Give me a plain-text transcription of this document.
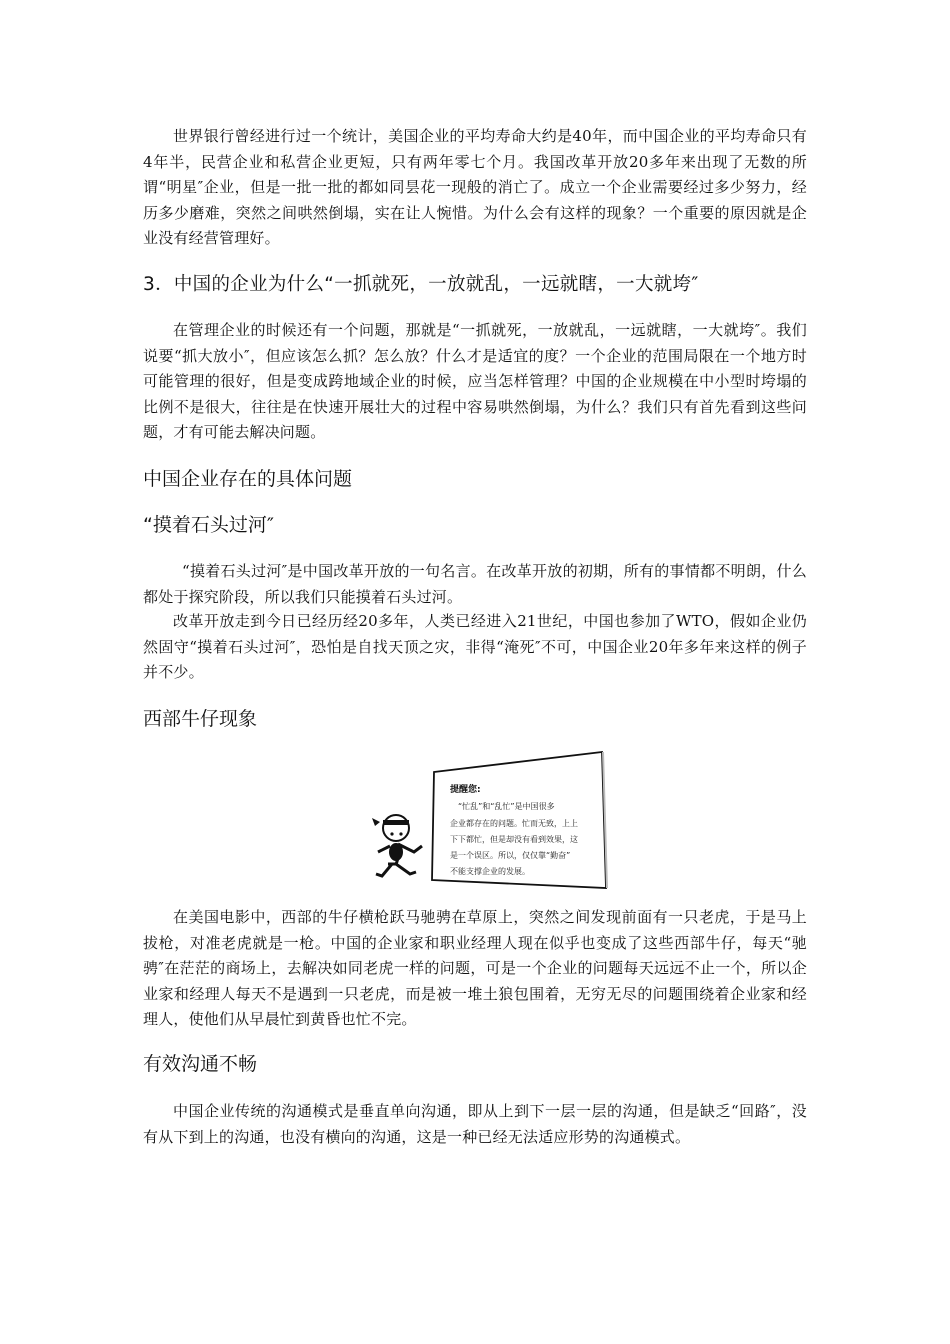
世界银行曾经进行过一个统计，美国企业的平均寿命大约是40年，而中国企业的平均寿命只有4年半，民营企业和私营企业更短，只有两年零七个月。我国改革开放20多年来出现了无数的所谓“明星″企业，但是一批一批的都如同昙花一现般的消亡了。成立一个企业需要经过多少努力，经历多少磨难，突然之间哄然倒塌，实在让人惋惜。为什么会有这样的现象？一个重要的原因就是企业没有经营管理好。

3．中国的企业为什么“一抓就死，一放就乱，一远就瞎，一大就垮″

在管理企业的时候还有一个问题，那就是“一抓就死，一放就乱，一远就瞎，一大就垮″。我们说要“抓大放小″，但应该怎么抓？怎么放？什么才是适宜的度？一个企业的范围局限在一个地方时可能管理的很好，但是变成跨地域企业的时候，应当怎样管理？中国的企业规模在中小型时垮塌的比例不是很大，往往是在快速开展壮大的过程中容易哄然倒塌，为什么？我们只有首先看到这些问题，才有可能去解决问题。

中国企业存在的具体问题
“摸着石头过河″

“摸着石头过河″是中国改革开放的一句名言。在改革开放的初期，所有的事情都不明朗，什么都处于探究阶段，所以我们只能摸着石头过河。

改革开放走到今日已经历经20多年，人类已经进入21世纪，中国也参加了WTO，假如企业仍然固守“摸着石头过河″，恐怕是自找天顶之灾，非得“淹死″不可，中国企业20年多年来这样的例子并不少。

西部牛仔现象
提醒您:
“忙乱”和“乱忙”是中国很多
企业都存在的问题。忙而无致，上上
下下都忙，但是却没有看到效果，这
是一个误区。所以，仅仅靠“勤奋”
不能支撑企业的发展。

在美国电影中，西部的牛仔横枪跃马驰骋在草原上，突然之间发现前面有一只老虎，于是马上拔枪，对准老虎就是一枪。中国的企业家和职业经理人现在似乎也变成了这些西部牛仔，每天“驰骋″在茫茫的商场上，去解决如同老虎一样的问题，可是一个企业的问题每天远远不止一个，所以企业家和经理人每天不是遇到一只老虎，而是被一堆土狼包围着，无穷无尽的问题围绕着企业家和经理人，使他们从早晨忙到黄昏也忙不完。

有效沟通不畅

中国企业传统的沟通模式是垂直单向沟通，即从上到下一层一层的沟通，但是缺乏“回路″，没有从下到上的沟通，也没有横向的沟通，这是一种已经无法适应形势的沟通模式。
